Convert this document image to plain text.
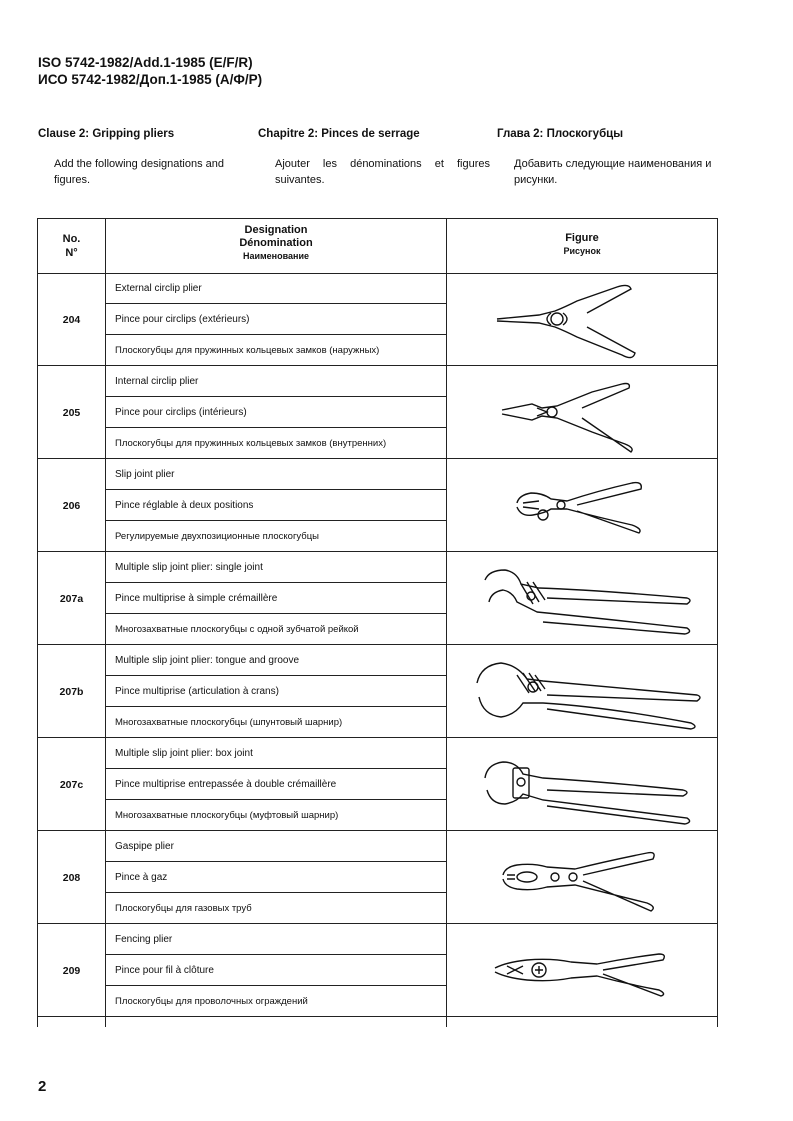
ISO 5742-1982/Add.1-1985 (E/F/R)
ИСО 5742-1982/Доп.1-1985 (А/Ф/Р)
Clause 2: Gripping pliers	Chapitre 2: Pinces de serrage	Глава 2: Плоскогубцы
Add the following designations and figures.
Ajouter les dénominations et figures suivantes.
Добавить следующие наименования и рисунки.
No.
N°
Designation
Dénomination
Наименование
Figure
Рисунок
204
External circlip plier
Pince pour circlips (extérieurs)
Плоскогубцы для пружинных кольцевых замков (наружных)
205
Internal circlip plier
Pince pour circlips (intérieurs)
Плоскогубцы для пружинных кольцевых замков (внутренних)
206
Slip joint plier
Pince réglable à deux positions
Регулируемые двухпозиционные плоскогубцы
207a
Multiple slip joint plier: single joint
Pince multiprise à simple crémaillère
Многозахватные плоскогубцы с одной зубчатой рейкой
207b
Multiple slip joint plier: tongue and groove
Pince multiprise (articulation à crans)
Многозахватные плоскогубцы (шпунтовый шарнир)
207c
Multiple slip joint plier: box joint
Pince multiprise entrepassée à double crémaillère
Многозахватные плоскогубцы (муфтовый шарнир)
208
Gaspipe plier
Pince à gaz
Плоскогубцы для газовых труб
209
Fencing plier
Pince pour fil à clôture
Плоскогубцы для проволочных ограждений
2
